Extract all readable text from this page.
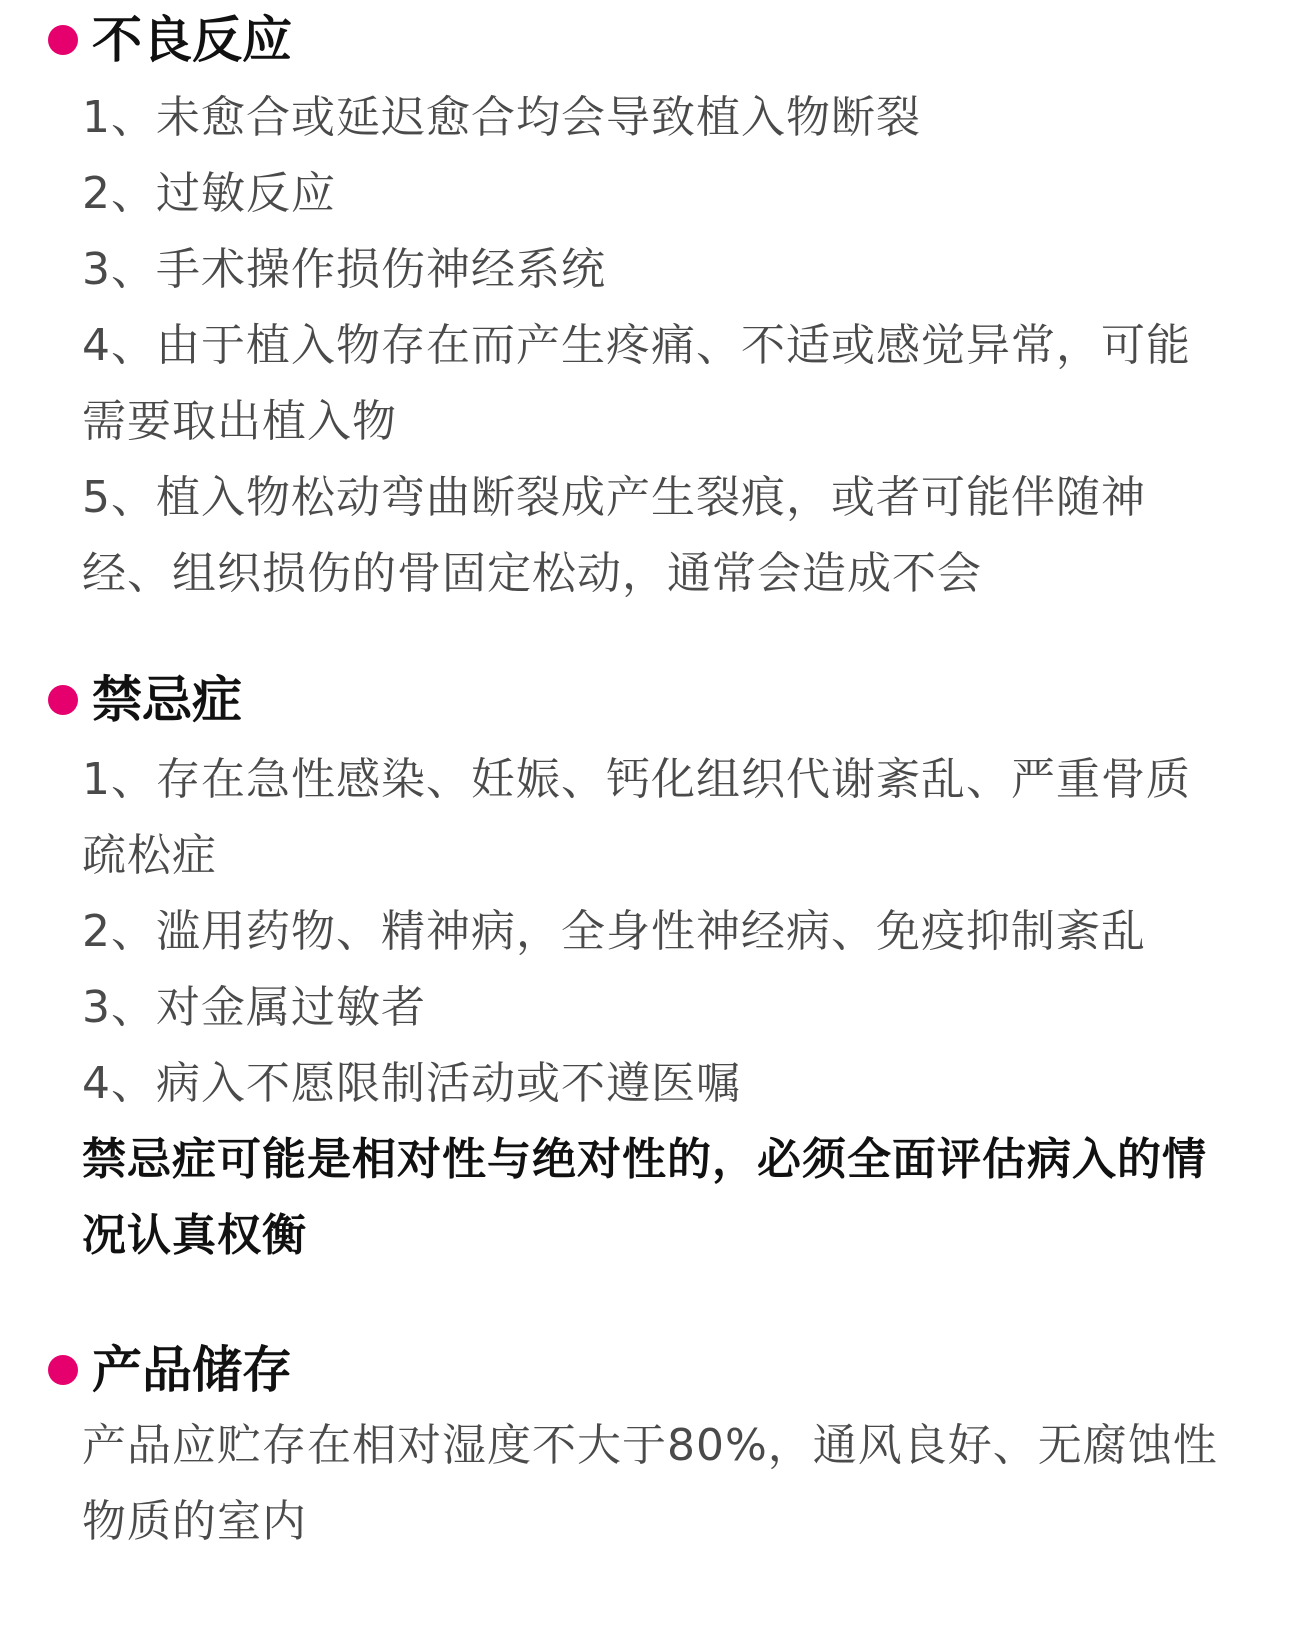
不良反应

1、未愈合或延迟愈合均会导致植入物断裂

2、过敏反应

3、手术操作损伤神经系统

4、由于植入物存在而产生疼痛、不适或感觉异常，可能需要取出植入物

5、植入物松动弯曲断裂成产生裂痕，或者可能伴随神经、组织损伤的骨固定松动，通常会造成不会

禁忌症

1、存在急性感染、妊娠、钙化组织代谢紊乱、严重骨质疏松症

2、滥用药物、精神病，全身性神经病、免疫抑制紊乱

3、对金属过敏者

4、病入不愿限制活动或不遵医嘱

禁忌症可能是相对性与绝对性的，必须全面评估病入的情况认真权衡

产品储存

产品应贮存在相对湿度不大于80%，通风良好、无腐蚀性物质的室内
